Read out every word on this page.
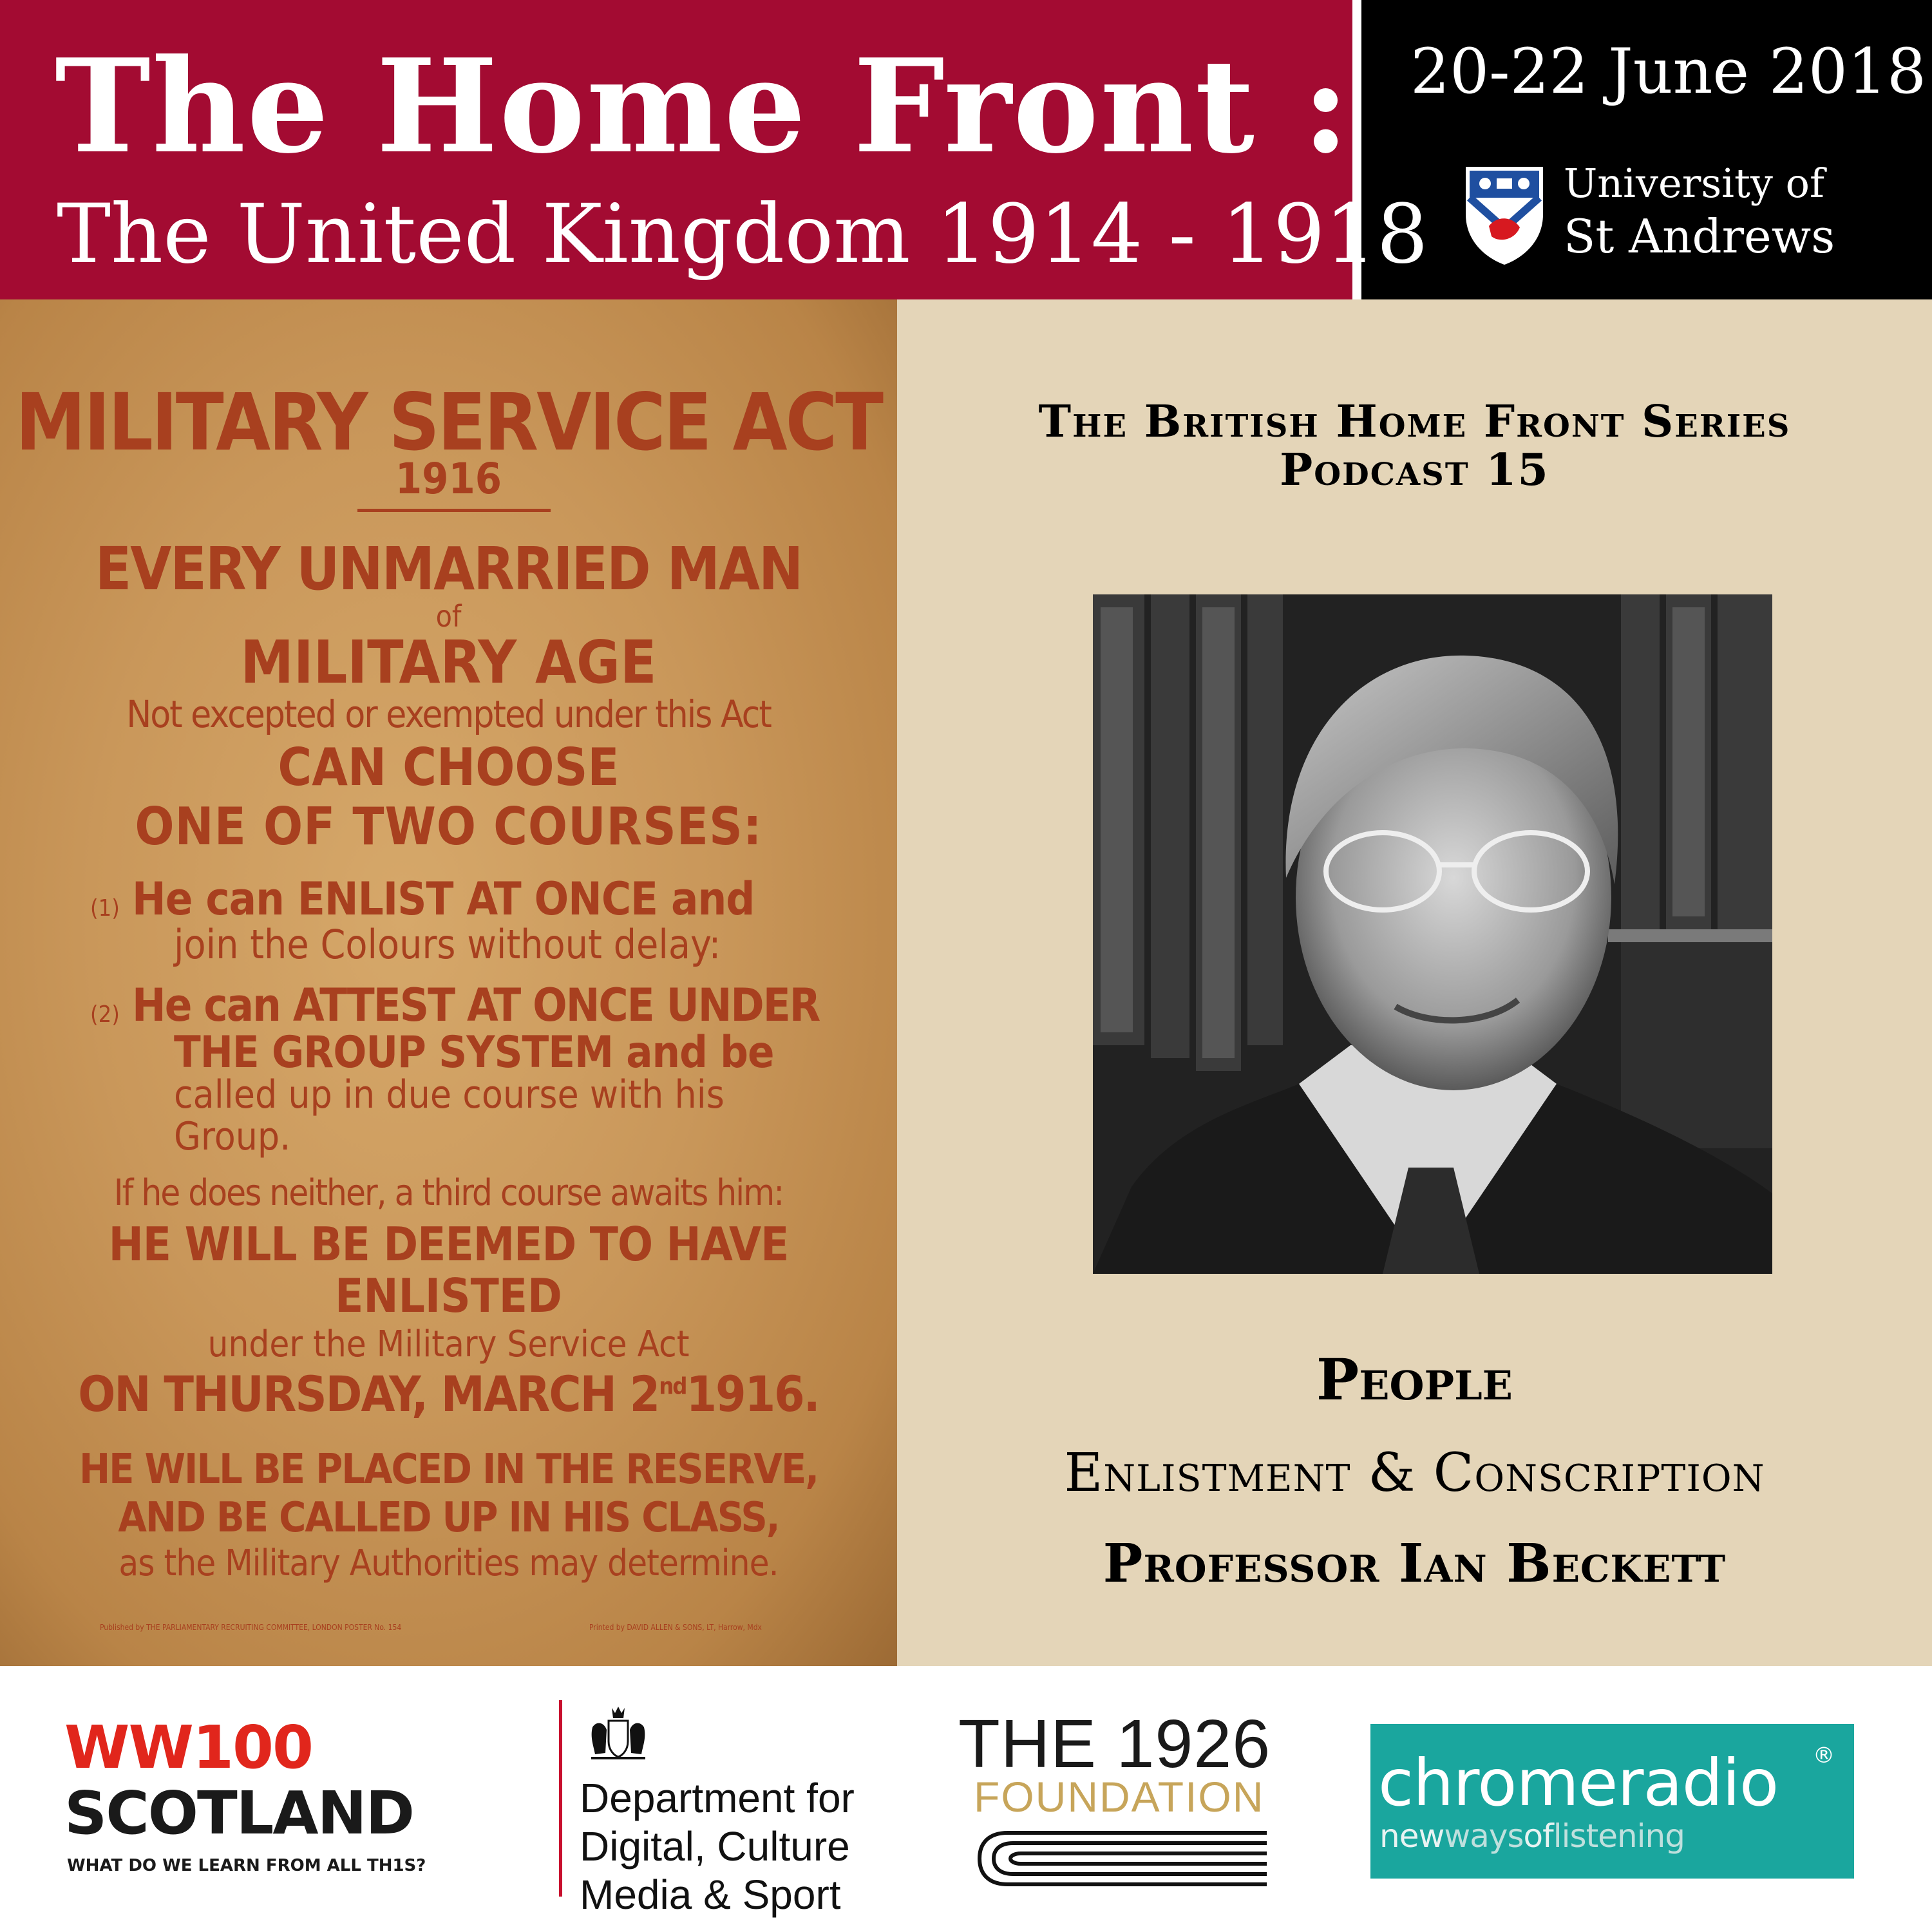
The Home Front :
The United Kingdom 1914 - 1918
20-22 June 2018
University of
St Andrews
MILITARY SERVICE ACT
1916
EVERY UNMARRIED MAN
of
MILITARY AGE
Not excepted or exempted under this Act
CAN CHOOSE
ONE OF TWO COURSES:
(1) He can ENLIST AT ONCE and
join the Colours without delay:
(2) He can ATTEST AT ONCE UNDER
THE GROUP SYSTEM and be
called up in due course with his
Group.
If he does neither, a third course awaits him:
HE WILL BE DEEMED TO HAVE
ENLISTED
under the Military Service Act
ON THURSDAY, MARCH 2nd1916.
HE WILL BE PLACED IN THE RESERVE,
AND BE CALLED UP IN HIS CLASS,
as the Military Authorities may determine.
Published by THE PARLIAMENTARY RECRUITING COMMITTEE, LONDON POSTER No. 154	Printed by DAVID ALLEN & SONS, LT, Harrow, Mdx
The British Home Front Series
Podcast 15
People
Enlistment & Conscription
Professor Ian Beckett
WW100
SCOTLAND
WHAT DO WE LEARN FROM ALL TH1S?
Department for
Digital, Culture
Media & Sport
THE 1926
FOUNDATION chromeradio ®
newwaysoflistening
